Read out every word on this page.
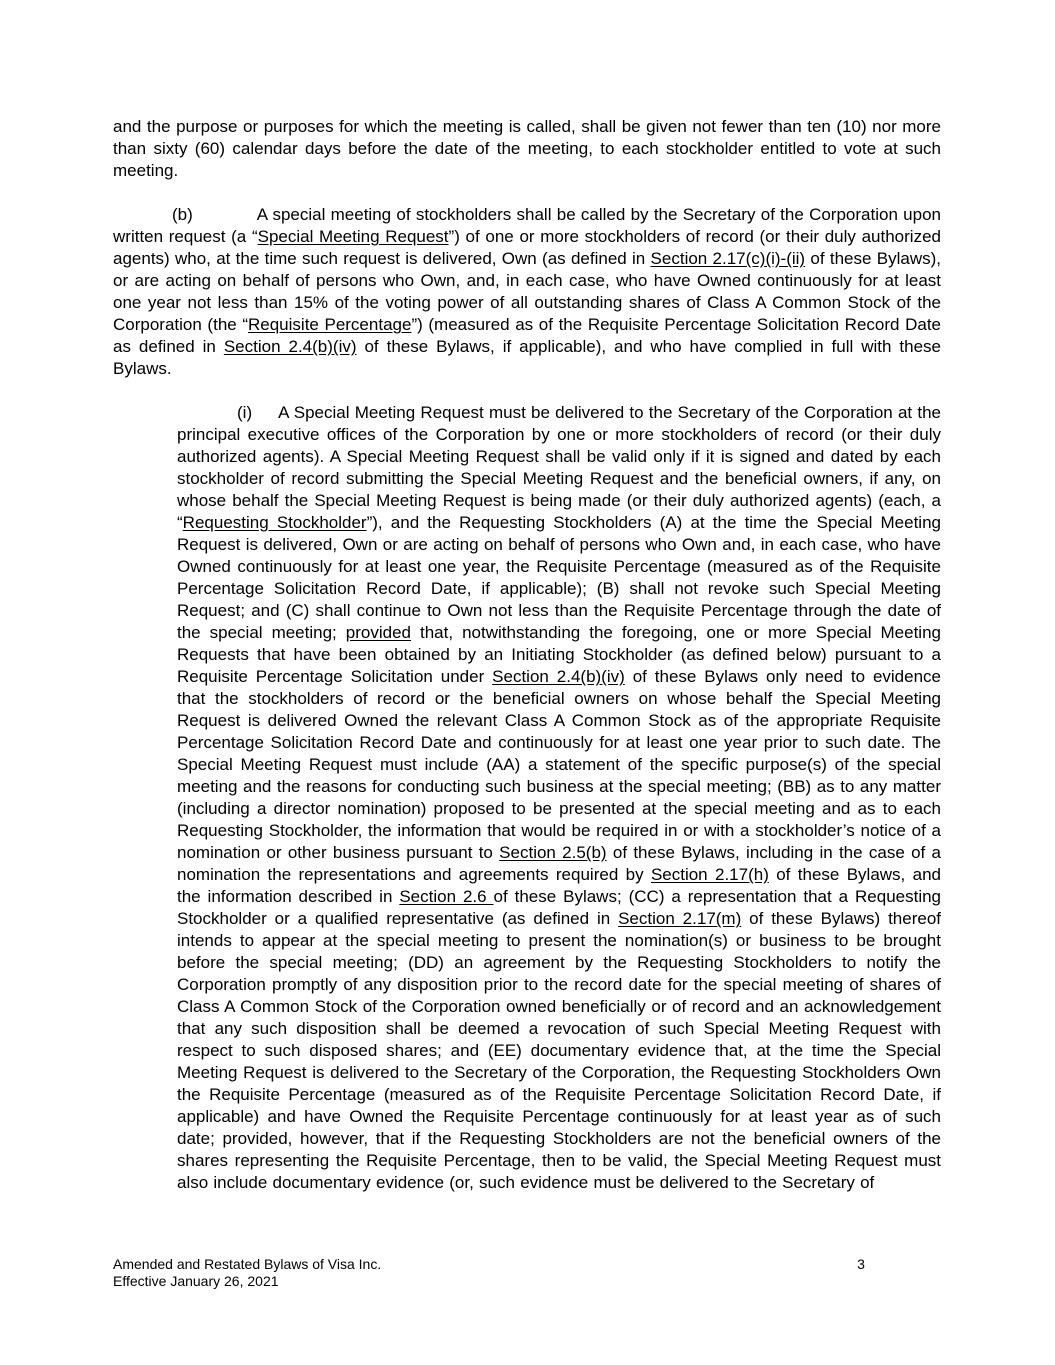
and the purpose or purposes for which the meeting is called, shall be given not fewer than ten (10) nor more than sixty (60) calendar days before the date of the meeting, to each stockholder entitled to vote at such meeting.

(b)	A special meeting of stockholders shall be called by the Secretary of the Corporation upon written request (a “Special Meeting Request”) of one or more stockholders of record (or their duly authorized agents) who, at the time such request is delivered, Own (as defined in Section 2.17(c)(i)-(ii) of these Bylaws), or are acting on behalf of persons who Own, and, in each case, who have Owned continuously for at least one year not less than 15% of the voting power of all outstanding shares of Class A Common Stock of the Corporation (the “Requisite Percentage”) (measured as of the Requisite Percentage Solicitation Record Date as defined in Section 2.4(b)(iv) of these Bylaws, if applicable), and who have complied in full with these Bylaws.

(i) A Special Meeting Request must be delivered to the Secretary of the Corporation at the principal executive offices of the Corporation by one or more stockholders of record (or their duly authorized agents). A Special Meeting Request shall be valid only if it is signed and dated by each stockholder of record submitting the Special Meeting Request and the beneficial owners, if any, on whose behalf the Special Meeting Request is being made (or their duly authorized agents) (each, a “Requesting Stockholder”), and the Requesting Stockholders (A) at the time the Special Meeting Request is delivered, Own or are acting on behalf of persons who Own and, in each case, who have Owned continuously for at least one year, the Requisite Percentage (measured as of the Requisite Percentage Solicitation Record Date, if applicable); (B) shall not revoke such Special Meeting Request; and (C) shall continue to Own not less than the Requisite Percentage through the date of the special meeting; provided that, notwithstanding the foregoing, one or more Special Meeting Requests that have been obtained by an Initiating Stockholder (as defined below) pursuant to a Requisite Percentage Solicitation under Section 2.4(b)(iv) of these Bylaws only need to evidence that the stockholders of record or the beneficial owners on whose behalf the Special Meeting Request is delivered Owned the relevant Class A Common Stock as of the appropriate Requisite Percentage Solicitation Record Date and continuously for at least one year prior to such date. The Special Meeting Request must include (AA) a statement of the specific purpose(s) of the special meeting and the reasons for conducting such business at the special meeting; (BB) as to any matter (including a director nomination) proposed to be presented at the special meeting and as to each Requesting Stockholder, the information that would be required in or with a stockholder’s notice of a nomination or other business pursuant to Section 2.5(b) of these Bylaws, including in the case of a nomination the representations and agreements required by Section 2.17(h) of these Bylaws, and the information described in Section 2.6 of these Bylaws; (CC) a representation that a Requesting Stockholder or a qualified representative (as defined in Section 2.17(m) of these Bylaws) thereof intends to appear at the special meeting to present the nomination(s) or business to be brought before the special meeting; (DD) an agreement by the Requesting Stockholders to notify the Corporation promptly of any disposition prior to the record date for the special meeting of shares of Class A Common Stock of the Corporation owned beneficially or of record and an acknowledgement that any such disposition shall be deemed a revocation of such Special Meeting Request with respect to such disposed shares; and (EE) documentary evidence that, at the time the Special Meeting Request is delivered to the Secretary of the Corporation, the Requesting Stockholders Own the Requisite Percentage (measured as of the Requisite Percentage Solicitation Record Date, if applicable) and have Owned the Requisite Percentage continuously for at least year as of such date; provided, however, that if the Requesting Stockholders are not the beneficial owners of the shares representing the Requisite Percentage, then to be valid, the Special Meeting Request must also include documentary evidence (or, such evidence must be delivered to the Secretary of

Amended and Restated Bylaws of Visa Inc.
Effective January 26, 2021
3
